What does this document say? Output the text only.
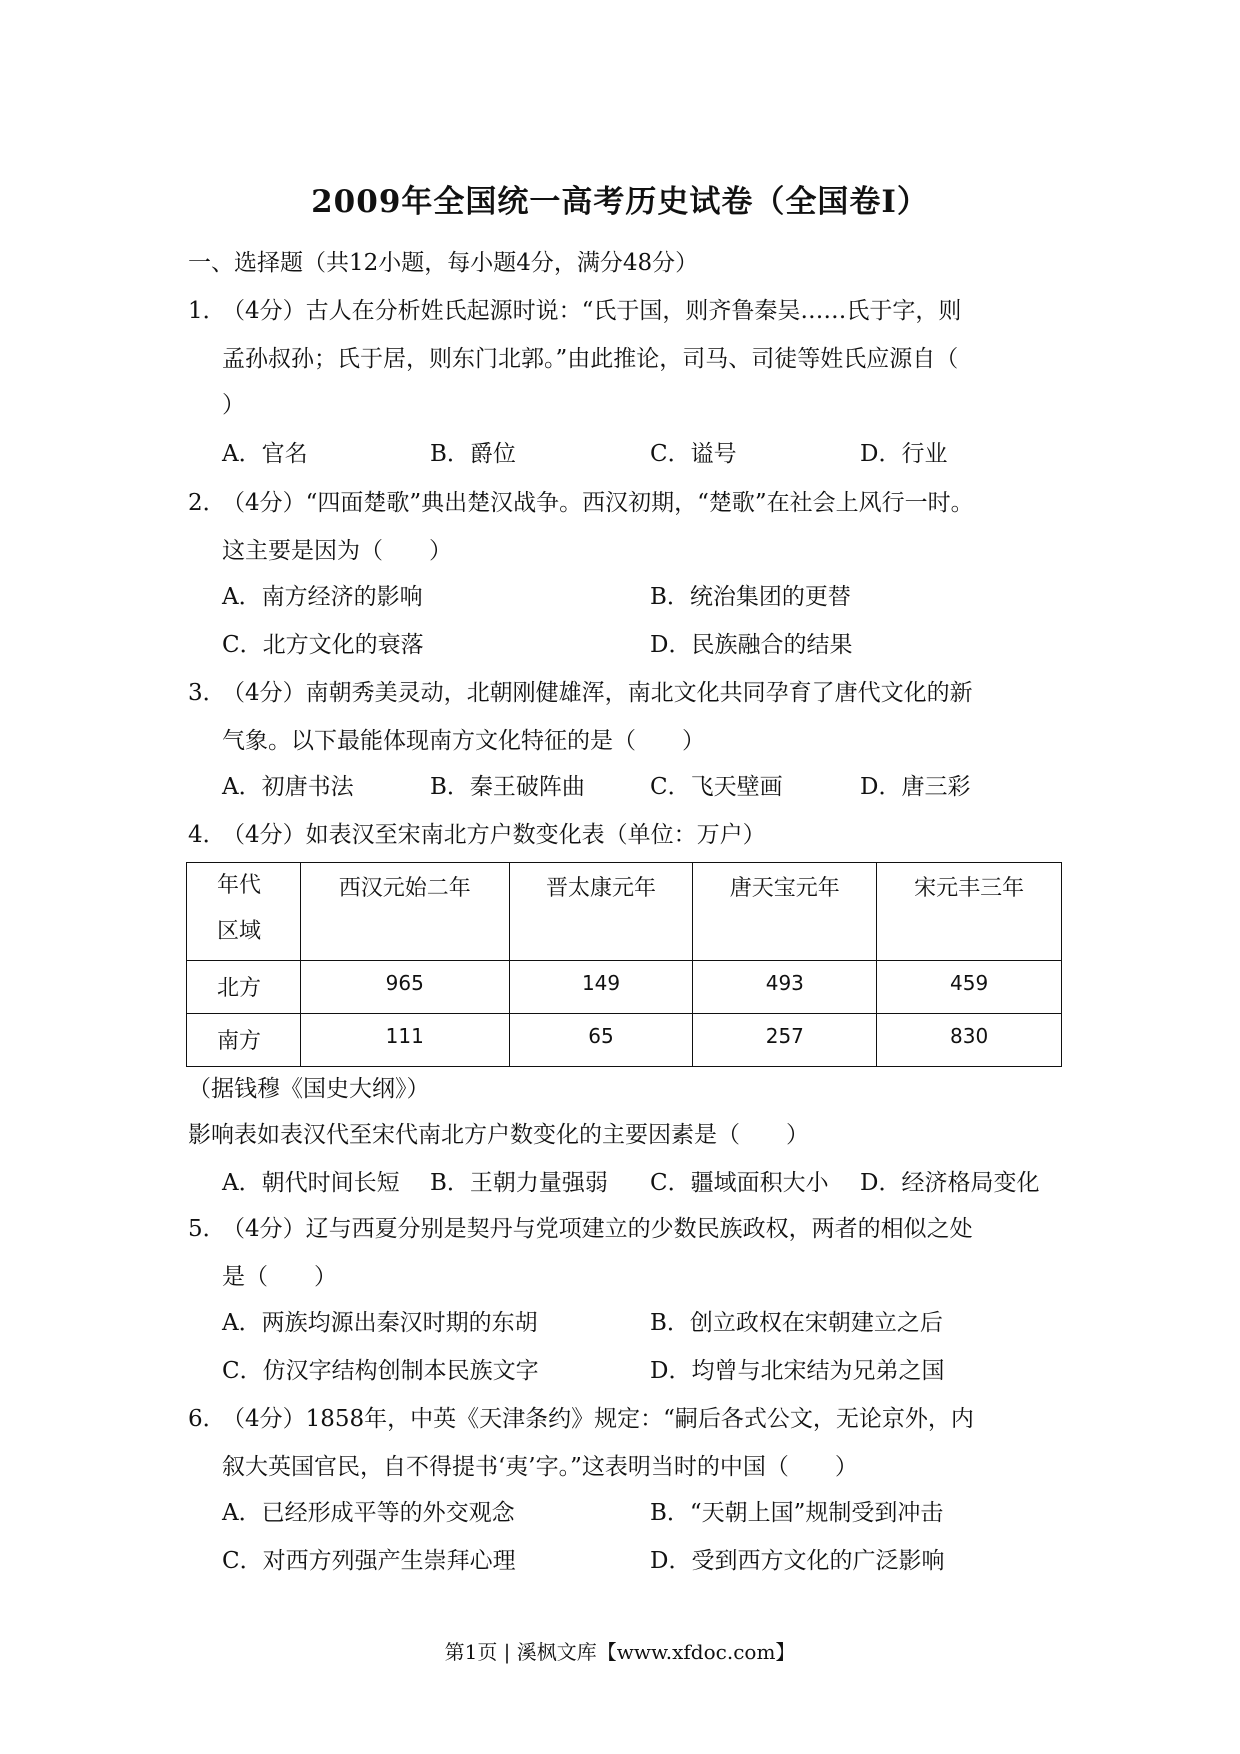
2009年全国统一高考历史试卷（全国卷Ⅰ）
一、选择题（共12小题，每小题4分，满分48分）
1．
（4分）古人在分析姓氏起源时说：“氏于国，则齐鲁秦吴……氏于字，则
孟孙叔孙；氏于居，则东门北郭。”由此推论，司马、司徒等姓氏应源自（
）
A．官名	B．爵位	C．谥号	D．行业
2．
（4分）“四面楚歌”典出楚汉战争。西汉初期，“楚歌”在社会上风行一时。
这主要是因为（　　）
A．南方经济的影响	B．统治集团的更替
C．北方文化的衰落	D．民族融合的结果
3．
（4分）南朝秀美灵动，北朝刚健雄浑，南北文化共同孕育了唐代文化的新
气象。以下最能体现南方文化特征的是（　　）
A．初唐书法	B．秦王破阵曲	C．飞天壁画	D．唐三彩
4．
（4分）如表汉至宋南北方户数变化表（单位：万户）
年代
区域	西汉元始二年	晋太康元年	唐天宝元年	宋元丰三年
北方	965	149	493	459
南方	111	65	257	830
（据钱穆《国史大纲》）
影响表如表汉代至宋代南北方户数变化的主要因素是（　　）
A．朝代时间长短 B．王朝力量强弱 C．疆域面积大小 D．经济格局变化
5．
（4分）辽与西夏分别是契丹与党项建立的少数民族政权，两者的相似之处
是（　　）
A．两族均源出秦汉时期的东胡	B．创立政权在宋朝建立之后
C．仿汉字结构创制本民族文字	D．均曾与北宋结为兄弟之国
6．
（4分）1858年，中英《天津条约》规定：“嗣后各式公文，无论京外，内
叙大英国官民，自不得提书‘夷’字。”这表明当时的中国（　　）
A．已经形成平等的外交观念	B．“天朝上国”规制受到冲击
C．对西方列强产生崇拜心理	D．受到西方文化的广泛影响
第1页 | 溪枫文库【www.xfdoc.com】
